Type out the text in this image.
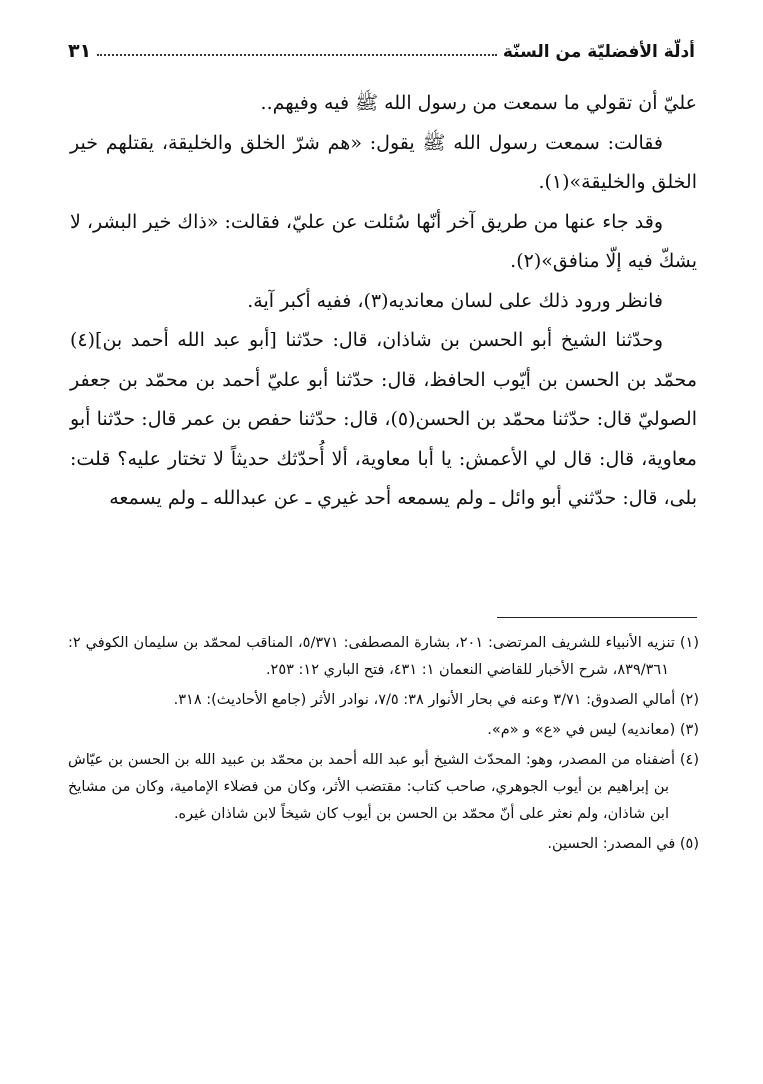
أدلّة الأفضليّة من السنّة
٣١

عليّ أن تقولي ما سمعت من رسول الله ﷺ فيه وفيهم..

فقالت: سمعت رسول الله ﷺ يقول: «هم شرّ الخلق والخليقة، يقتلهم خير الخلق والخليقة»(١).

وقد جاء عنها من طريق آخر أنّها سُئلت عن عليّ، فقالت: «ذاك خير البشر، لا يشكّ فيه إلّا منافق»(٢).

فانظر ورود ذلك على لسان معانديه(٣)، ففيه أكبر آية.

وحدّثنا الشيخ أبو الحسن بن شاذان، قال: حدّثنا [أبو عبد الله أحمد بن](٤) محمّد بن الحسن بن أيّوب الحافظ، قال: حدّثنا أبو عليّ أحمد بن محمّد بن جعفر الصوليّ قال: حدّثنا محمّد بن الحسن(٥)، قال: حدّثنا حفص بن عمر قال: حدّثنا أبو معاوية، قال: قال لي الأعمش: يا أبا معاوية، ألا أُحدّثك حديثاً لا تختار عليه؟ قلت: بلى، قال: حدّثني أبو وائل ـ ولم يسمعه أحد غيري ـ عن عبدالله ـ ولم يسمعه

(١) تنزيه الأنبياء للشريف المرتضى: ٢٠١، بشارة المصطفى: ٥/٣٧١، المناقب لمحمّد بن سليمان الكوفي ٢: ٨٣٩/٣٦١، شرح الأخبار للقاضي النعمان ١: ٤٣١، فتح الباري ١٢: ٢٥٣.

(٢) أمالي الصدوق: ٣/٧١ وعنه في بحار الأنوار ٣٨: ٧/٥، نوادر الأثر (جامع الأحاديث): ٣١٨.

(٣) (معانديه) ليس في «ع» و «م».

(٤) أضفناه من المصدر، وهو: المحدّث الشيخ أبو عبد الله أحمد بن محمّد بن عبيد الله بن الحسن بن عيّاش بن إبراهيم بن أيوب الجوهري، صاحب كتاب: مقتضب الأثر، وكان من فضلاء الإمامية، وكان من مشايخ ابن شاذان، ولم نعثر على أنّ محمّد بن الحسن بن أيوب كان شيخاً لابن شاذان غيره.

(٥) في المصدر: الحسين.
